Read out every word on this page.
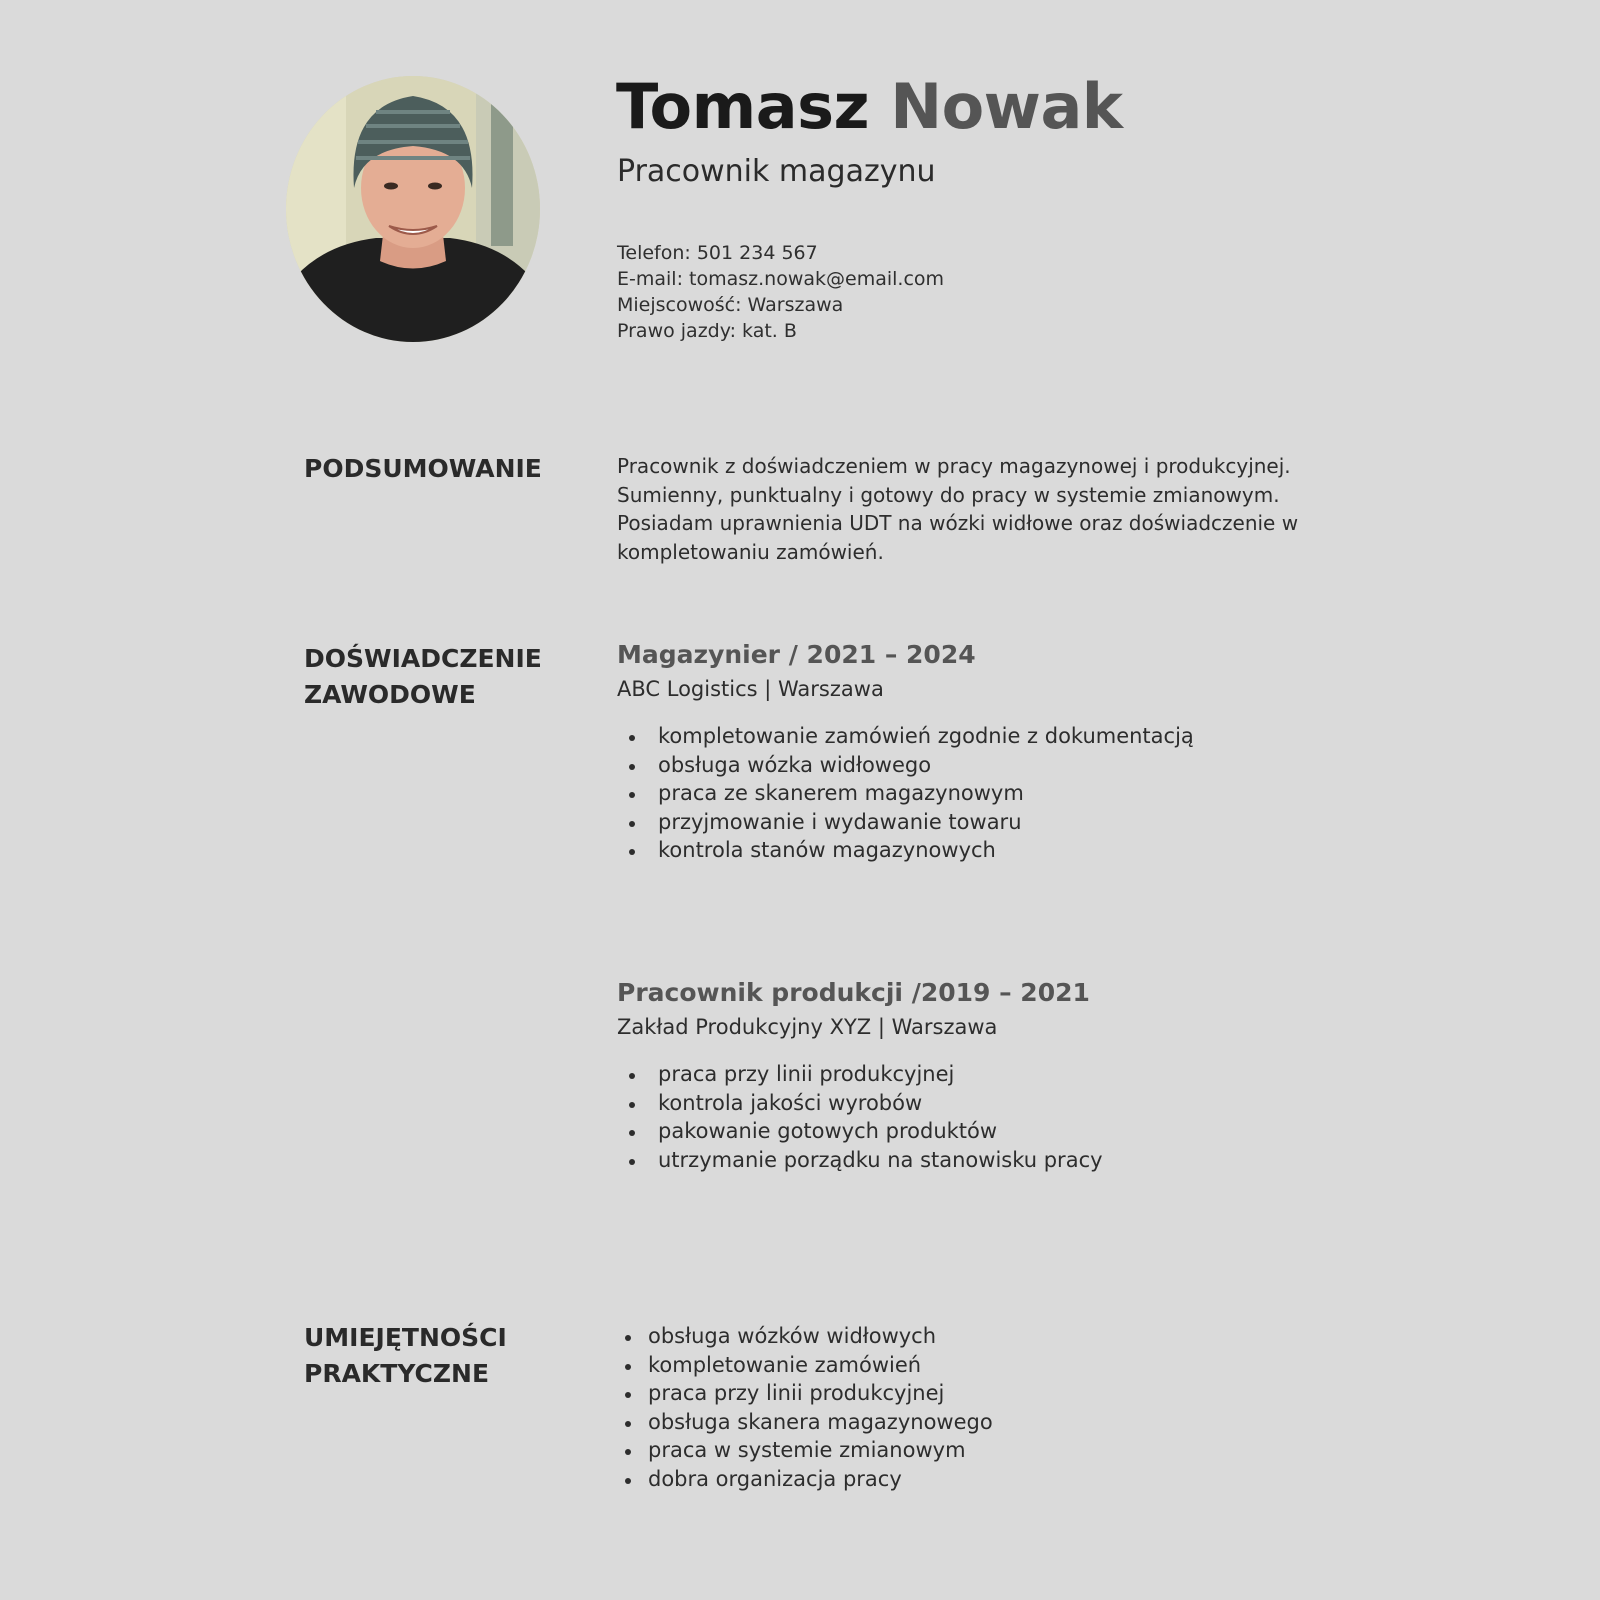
Tomasz Nowak
Pracownik magazynu
Telefon: 501 234 567
E-mail: tomasz.nowak@email.com
Miejscowość: Warszawa
Prawo jazdy: kat. B
PODSUMOWANIE	Pracownik z doświadczeniem w pracy magazynowej i produkcyjnej. Sumienny, punktualny i gotowy do pracy w systemie zmianowym. Posiadam uprawnienia UDT na wózki widłowe oraz doświadczenie w kompletowaniu zamówień.
DOŚWIADCZENIE
ZAWODOWE
Magazynier / 2021 – 2024
ABC Logistics | Warszawa
kompletowanie zamówień zgodnie z dokumentacją
obsługa wózka widłowego
praca ze skanerem magazynowym
przyjmowanie i wydawanie towaru
kontrola stanów magazynowych
Pracownik produkcji /2019 – 2021
Zakład Produkcyjny XYZ | Warszawa
praca przy linii produkcyjnej
kontrola jakości wyrobów
pakowanie gotowych produktów
utrzymanie porządku na stanowisku pracy
UMIEJĘTNOŚCI
PRAKTYCZNE
obsługa wózków widłowych
kompletowanie zamówień
praca przy linii produkcyjnej
obsługa skanera magazynowego
praca w systemie zmianowym
dobra organizacja pracy
